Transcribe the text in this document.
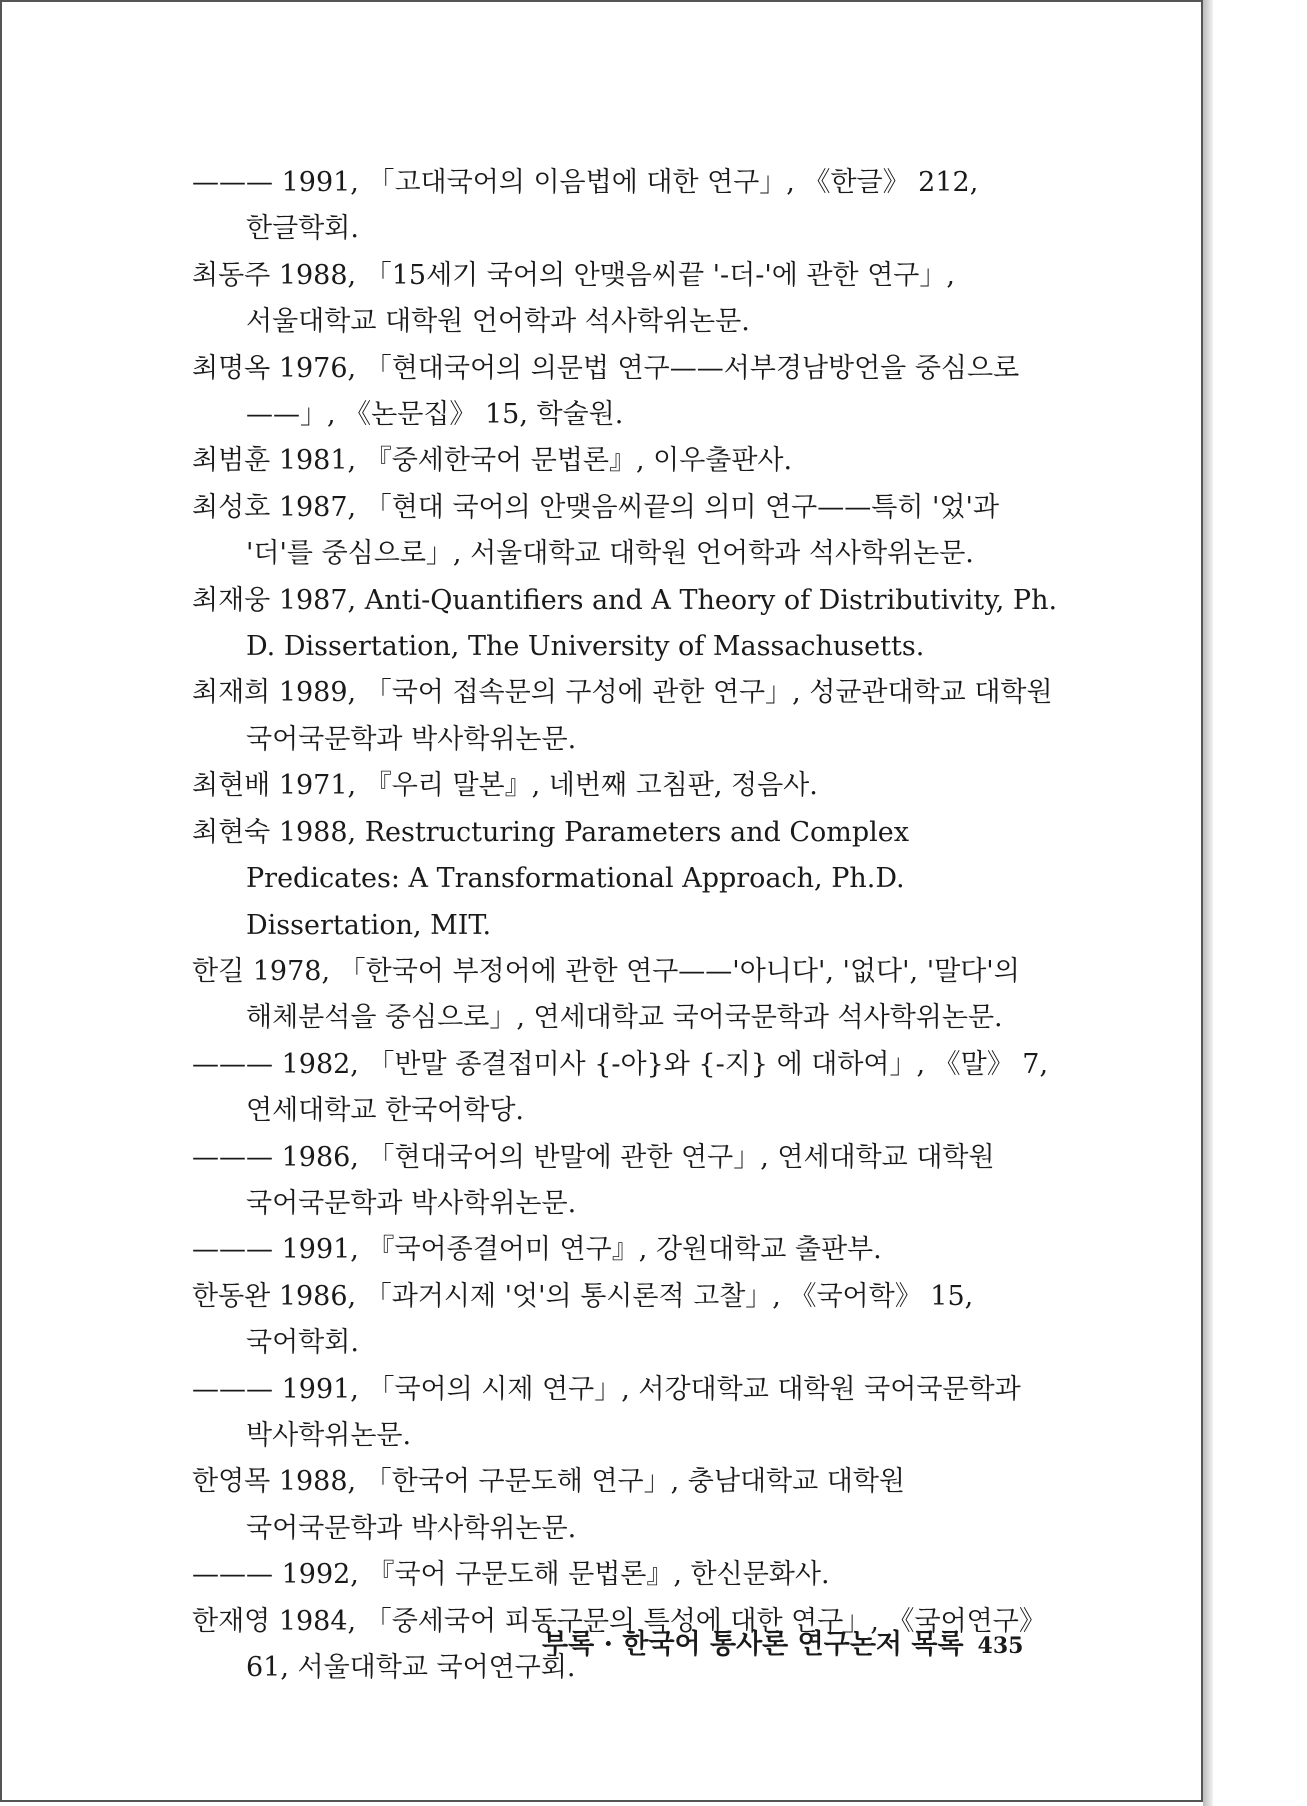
——— 1991, 「고대국어의 이음법에 대한 연구」, 《한글》 212, 한글학회.
최동주 1988, 「15세기 국어의 안맺음씨끝 '-더-'에 관한 연구」, 서울대학교 대학원 언어학과 석사학위논문.
최명옥 1976, 「현대국어의 의문법 연구——서부경남방언을 중심으로——」, 《논문집》 15, 학술원.
최범훈 1981, 『중세한국어 문법론』, 이우출판사.
최성호 1987, 「현대 국어의 안맺음씨끝의 의미 연구——특히 '었'과 '더'를 중심으로」, 서울대학교 대학원 언어학과 석사학위논문.
최재웅 1987, Anti-Quantifiers and A Theory of Distributivity, Ph. D. Dissertation, The University of Massachusetts.
최재희 1989, 「국어 접속문의 구성에 관한 연구」, 성균관대학교 대학원 국어국문학과 박사학위논문.
최현배 1971, 『우리 말본』, 네번째 고침판, 정음사.
최현숙 1988, Restructuring Parameters and Complex Predicates: A Transformational Approach, Ph.D. Dissertation, MIT.
한길 1978, 「한국어 부정어에 관한 연구——'아니다', '없다', '말다'의 해체분석을 중심으로」, 연세대학교 국어국문학과 석사학위논문.
——— 1982, 「반말 종결접미사 {-아}와 {-지} 에 대하여」, 《말》 7, 연세대학교 한국어학당.
——— 1986, 「현대국어의 반말에 관한 연구」, 연세대학교 대학원 국어국문학과 박사학위논문.
——— 1991, 『국어종결어미 연구』, 강원대학교 출판부.
한동완 1986, 「과거시제 '엇'의 통시론적 고찰」, 《국어학》 15, 국어학회.
——— 1991, 「국어의 시제 연구」, 서강대학교 대학원 국어국문학과 박사학위논문.
한영목 1988, 「한국어 구문도해 연구」, 충남대학교 대학원 국어국문학과 박사학위논문.
——— 1992, 『국어 구문도해 문법론』, 한신문화사.
한재영 1984, 「중세국어 피동구문의 특성에 대한 연구」, 《국어연구》 61, 서울대학교 국어연구회.
부록 · 한국어 통사론 연구논저 목록 435
